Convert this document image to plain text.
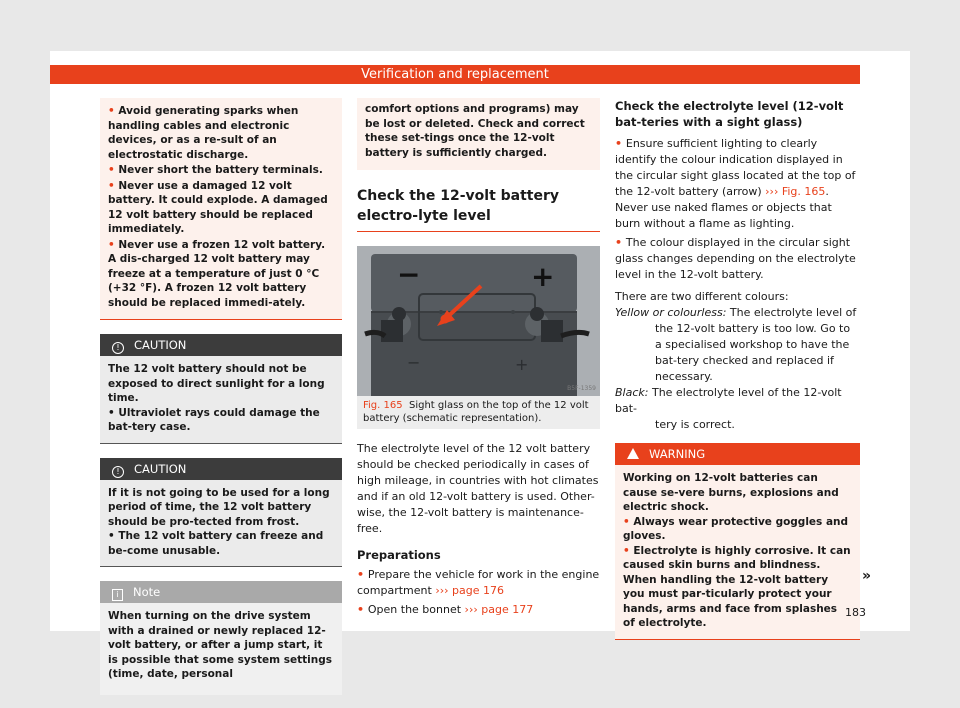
Verification and replacement
• Avoid generating sparks when handling cables and electronic devices, or as a re-sult of an electrostatic discharge.
• Never short the battery terminals.
• Never use a damaged 12 volt battery. It could explode. A damaged 12 volt battery should be replaced immediately.
• Never use a frozen 12 volt battery. A dis-charged 12 volt battery may freeze at a temperature of just 0 °C (+32 °F). A frozen 12 volt battery should be replaced immedi-ately.
! CAUTION
The 12 volt battery should not be exposed to direct sunlight for a long time.
• Ultraviolet rays could damage the bat-tery case.
! CAUTION
If it is not going to be used for a long period of time, the 12 volt battery should be pro-tected from frost.
• The 12 volt battery can freeze and be-come unusable.
i Note
When turning on the drive system with a drained or newly replaced 12-volt battery, or after a jump start, it is possible that some system settings (time, date, personal
comfort options and programs) may be lost or deleted. Check and correct these set-tings once the 12-volt battery is sufficiently charged.
Check the 12-volt battery electro-lyte level
−	+
−	+
B5F-1359
Fig. 165 Sight glass on the top of the 12 volt battery (schematic representation).
The electrolyte level of the 12 volt battery should be checked periodically in cases of high mileage, in countries with hot climates and if an old 12-volt battery is used. Other-wise, the 12-volt battery is maintenance-free.
Preparations
• Prepare the vehicle for work in the engine compartment ››› page 176
• Open the bonnet ››› page 177
Check the electrolyte level (12-volt bat-teries with a sight glass)
• Ensure sufficient lighting to clearly identify the colour indication displayed in the circular sight glass located at the top of the 12-volt battery (arrow) ››› Fig. 165. Never use naked flames or objects that burn without a flame as lighting.
• The colour displayed in the circular sight glass changes depending on the electrolyte level in the 12-volt battery.
There are two different colours:
Yellow or colourless: The electrolyte level of
the 12-volt battery is too low. Go to a specialised workshop to have the bat-tery checked and replaced if necessary.
Black: The electrolyte level of the 12-volt bat-
tery is correct.
WARNING
Working on 12-volt batteries can cause se-vere burns, explosions and electric shock.
• Always wear protective goggles and gloves.
• Electrolyte is highly corrosive. It can caused skin burns and blindness. When handling the 12-volt battery you must par-ticularly protect your hands, arms and face from splashes of electrolyte.
»
183
